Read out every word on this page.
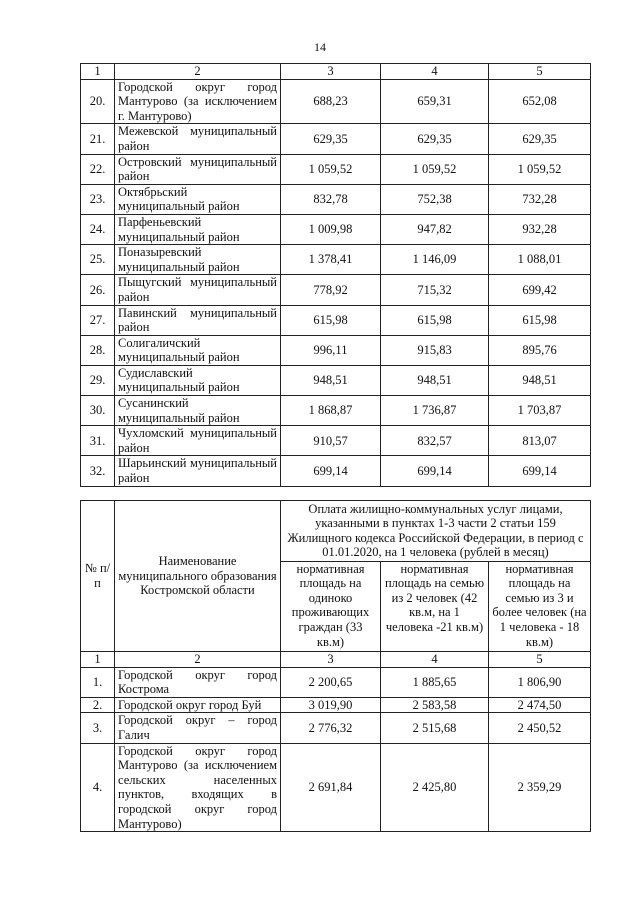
14
1	2	3	4	5
20.	Городской округ город Мантурово (за исключением г. Мантурово)	688,23	659,31	652,08
21.	Межевской муниципальный район	629,35	629,35	629,35
22.	Островский муниципальный район	1 059,52	1 059,52	1 059,52
23.	Октябрьский муниципальный район	832,78	752,38	732,28
24.	Парфеньевский муниципальный район	1 009,98	947,82	932,28
25.	Поназыревский муниципальный район	1 378,41	1 146,09	1 088,01
26.	Пыщугский муниципальный район	778,92	715,32	699,42
27.	Павинский муниципальный район	615,98	615,98	615,98
28.	Солигаличский муниципальный район	996,11	915,83	895,76
29.	Судиславский муниципальный район	948,51	948,51	948,51
30.	Сусанинский муниципальный район	1 868,87	1 736,87	1 703,87
31.	Чухломский муниципальный район	910,57	832,57	813,07
32.	Шарьинский муниципальный район	699,14	699,14	699,14
№ п/п	Наименование муниципального образования Костромской области	Оплата жилищно-коммунальных услуг лицами, указанными в пунктах 1-3 части 2 статьи 159 Жилищного кодекса Российской Федерации, в период с 01.01.2020, на 1 человека (рублей в месяц)		
		нормативная площадь на одиноко проживающих граждан (33 кв.м)	нормативная площадь на семью из 2 человек (42 кв.м, на 1 человека -21 кв.м)	нормативная площадь на семью из 3 и более человек (на 1 человека - 18 кв.м)
1	2	3	4	5
1.	Городской округ город Кострома	2 200,65	1 885,65	1 806,90
2.	Городской округ город Буй	3 019,90	2 583,58	2 474,50
3.	Городской округ – город Галич	2 776,32	2 515,68	2 450,52
4.	Городской округ город Мантурово (за исключением сельских населенных пунктов, входящих в городской округ город Мантурово)	2 691,84	2 425,80	2 359,29
